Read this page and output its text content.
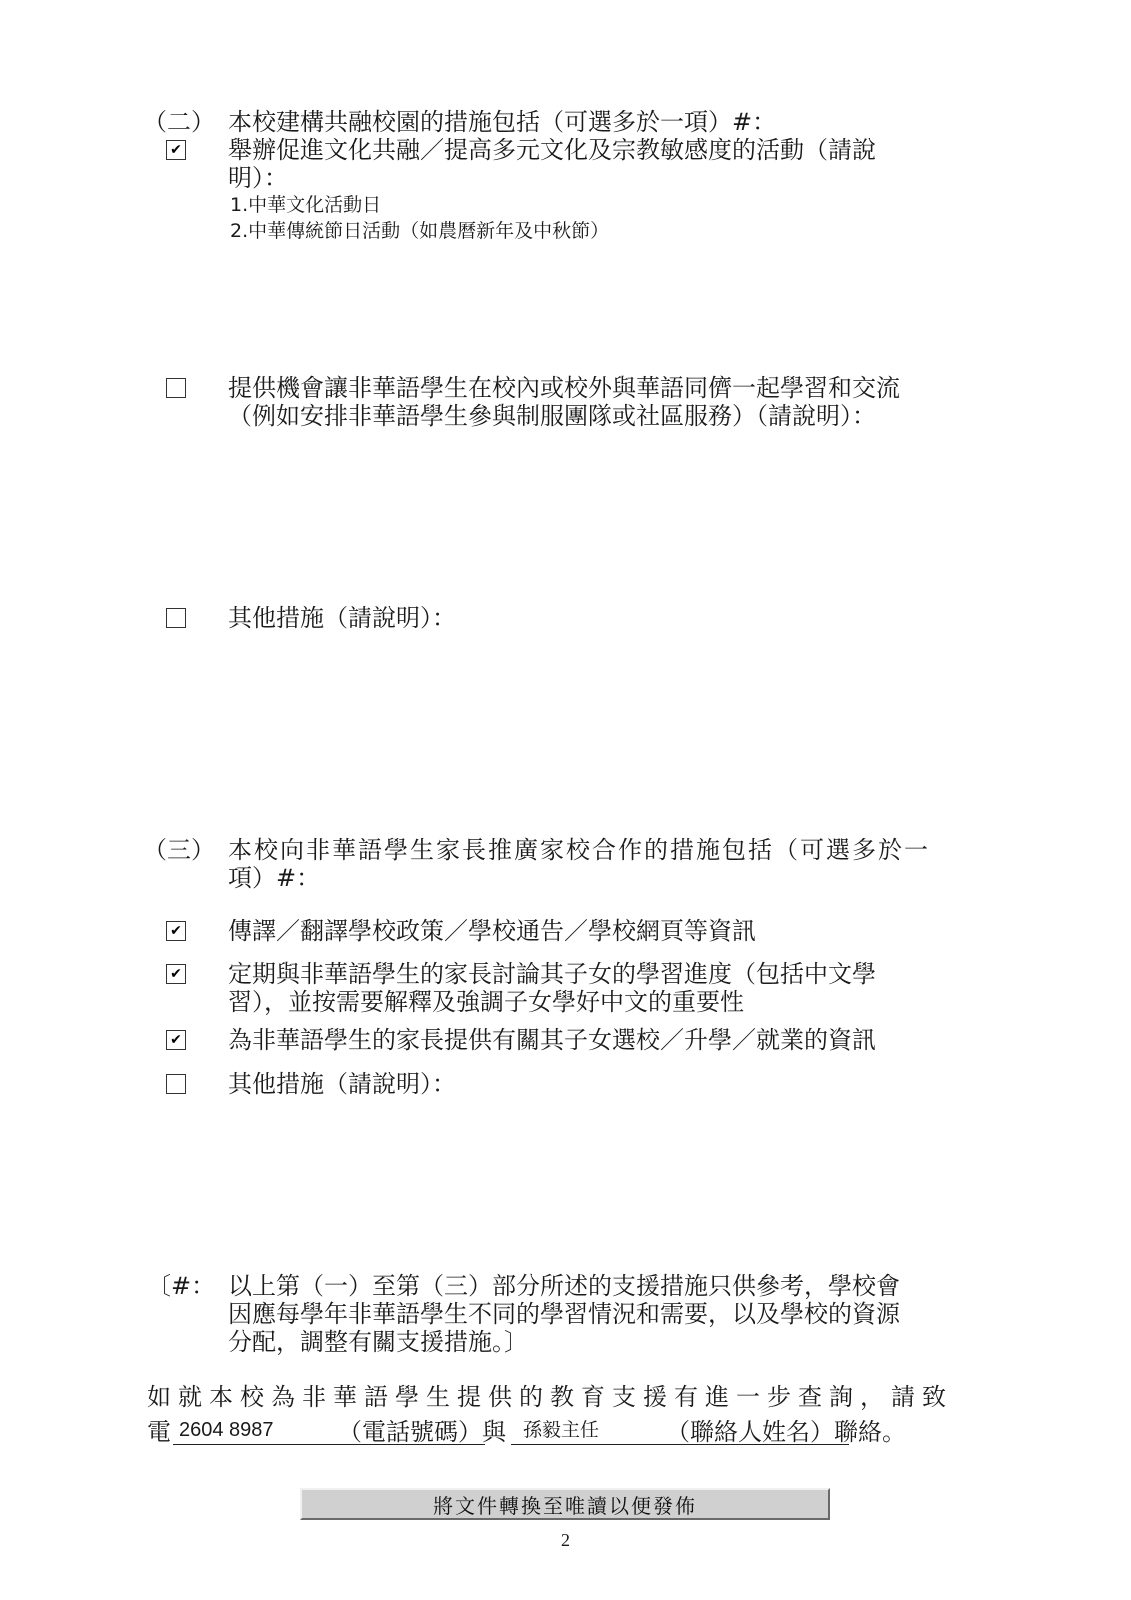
（二） 本校建構共融校園的措施包括（可選多於一項）#：
✔ 舉辦促進文化共融／提高多元文化及宗教敏感度的活動（請說
明）：
1.中華文化活動日
2.中華傳統節日活動（如農曆新年及中秋節）
提供機會讓非華語學生在校內或校外與華語同儕一起學習和交流
（例如安排非華語學生參與制服團隊或社區服務）（請說明）：
其他措施（請說明）：
（三） 本校向非華語學生家長推廣家校合作的措施包括（可選多於一
項）#：
✔ 傳譯／翻譯學校政策／學校通告／學校網頁等資訊
✔ 定期與非華語學生的家長討論其子女的學習進度（包括中文學
習），並按需要解釋及強調子女學好中文的重要性
✔ 為非華語學生的家長提供有關其子女選校／升學／就業的資訊
其他措施（請說明）：
〔#： 以上第（一）至第（三）部分所述的支援措施只供參考，學校會
因應每學年非華語學生不同的學習情況和需要，以及學校的資源
分配，調整有關支援措施。〕
如就本校為非華語學生提供的教育支援有進一步查詢，請致
電 2604 8987	（電話號碼）與 孫毅主任	（聯絡人姓名）聯絡。
將文件轉換至唯讀以便發佈
2
